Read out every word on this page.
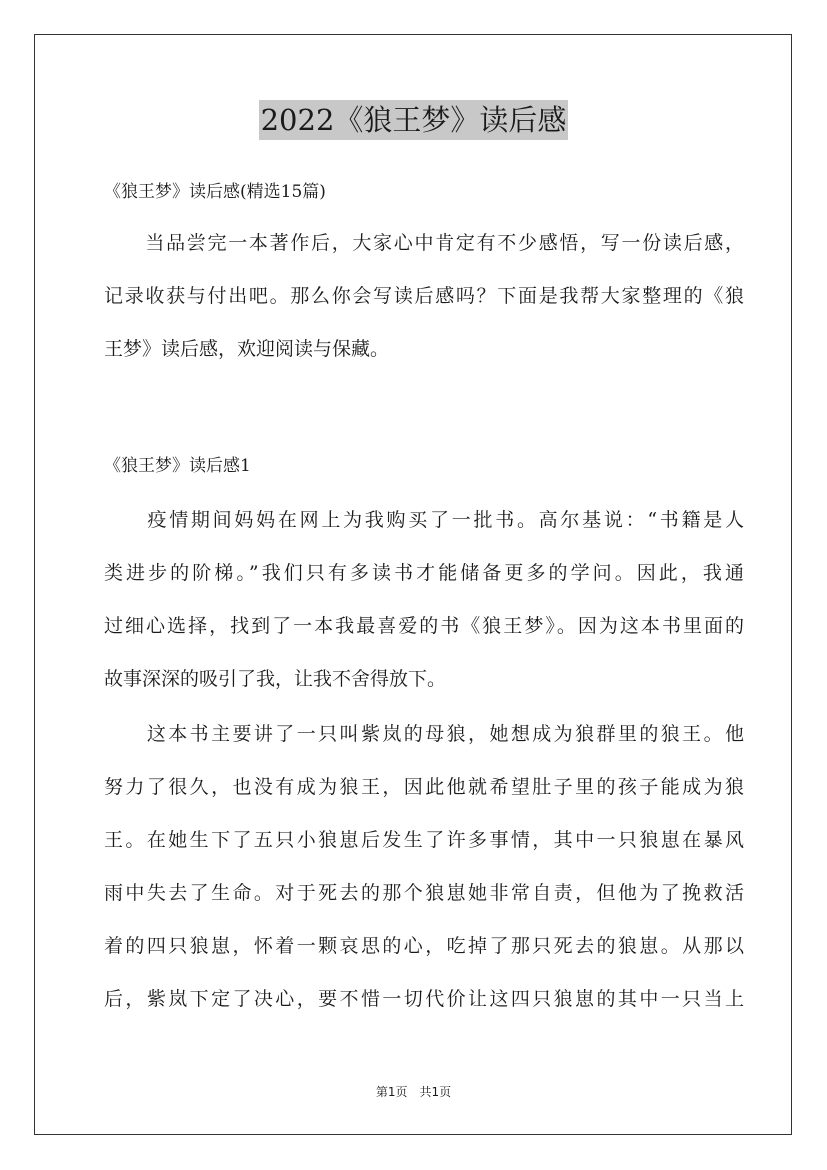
2022《狼王梦》读后感
《狼王梦》读后感(精选15篇)
　　当品尝完一本著作后，大家心中肯定有不少感悟，写一份读后感，
记录收获与付出吧。那么你会写读后感吗？下面是我帮大家整理的《狼
王梦》读后感，欢迎阅读与保藏。
《狼王梦》读后感1
　　疫情期间妈妈在网上为我购买了一批书。高尔基说：“书籍是人
类进步的阶梯。”我们只有多读书才能储备更多的学问。因此，我通
过细心选择，找到了一本我最喜爱的书《狼王梦》。因为这本书里面的
故事深深的吸引了我，让我不舍得放下。
　　这本书主要讲了一只叫紫岚的母狼，她想成为狼群里的狼王。他
努力了很久，也没有成为狼王，因此他就希望肚子里的孩子能成为狼
王。在她生下了五只小狼崽后发生了许多事情，其中一只狼崽在暴风
雨中失去了生命。对于死去的那个狼崽她非常自责，但他为了挽救活
着的四只狼崽，怀着一颗哀思的心，吃掉了那只死去的狼崽。从那以
后，紫岚下定了决心，要不惜一切代价让这四只狼崽的其中一只当上
第1页　共1页
